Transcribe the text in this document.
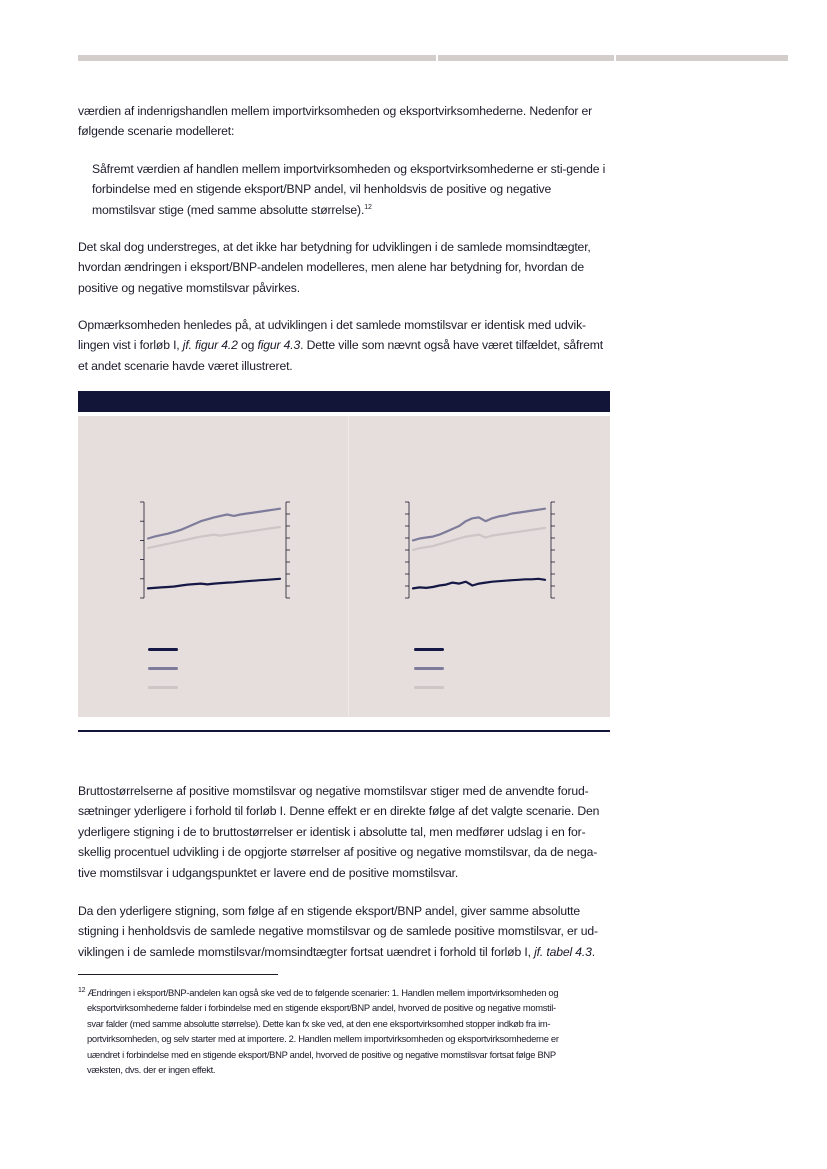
værdien af indenrigshandlen mellem importvirksomheden og eksportvirksomhederne. Nedenfor er følgende scenarie modelleret:

Såfremt værdien af handlen mellem importvirksomheden og eksportvirksomhederne er sti-gende i forbindelse med en stigende eksport/BNP andel, vil henholdsvis de positive og negative momstilsvar stige (med samme absolutte størrelse).$^{12}$

Det skal dog understreges, at det ikke har betydning for udviklingen i de samlede momsindtægter, hvordan ændringen i eksport/BNP-andelen modelleres, men alene har betydning for, hvordan de positive og negative momstilsvar påvirkes.

Opmærksomheden henledes på, at udviklingen i det samlede momstilsvar er identisk med udvik-lingen vist i forløb I, jf. figur 4.2 og figur 4.3. Dette ville som nævnt også have været tilfældet, såfremt et andet scenarie havde været illustreret.

Bruttostørrelserne af positive momstilsvar og negative momstilsvar stiger med de anvendte forud-sætninger yderligere i forhold til forløb I. Denne effekt er en direkte følge af det valgte scenarie. Den yderligere stigning i de to bruttostørrelser er identisk i absolutte tal, men medfører udslag i en for-skellig procentuel udvikling i de opgjorte størrelser af positive og negative momstilsvar, da de nega-tive momstilsvar i udgangspunktet er lavere end de positive momstilsvar.

Da den yderligere stigning, som følge af en stigende eksport/BNP andel, giver samme absolutte stigning i henholdsvis de samlede negative momstilsvar og de samlede positive momstilsvar, er ud-viklingen i de samlede momstilsvar/momsindtægter fortsat uændret i forhold til forløb I, jf. tabel 4.3.

$^{12}$ Ændringen i eksport/BNP-andelen kan også ske ved de to følgende scenarier: 1. Handlen mellem importvirksomheden og
eksportvirksomhederne falder i forbindelse med en stigende eksport/BNP andel, hvorved de positive og negative momstil-
svar falder (med samme absolutte størrelse). Dette kan fx ske ved, at den ene eksportvirksomhed stopper indkøb fra im-
portvirksomheden, og selv starter med at importere. 2. Handlen mellem importvirksomheden og eksportvirksomhederne er
uændret i forbindelse med en stigende eksport/BNP andel, hvorved de positive og negative momstilsvar fortsat følge BNP
væksten, dvs. der er ingen effekt.
